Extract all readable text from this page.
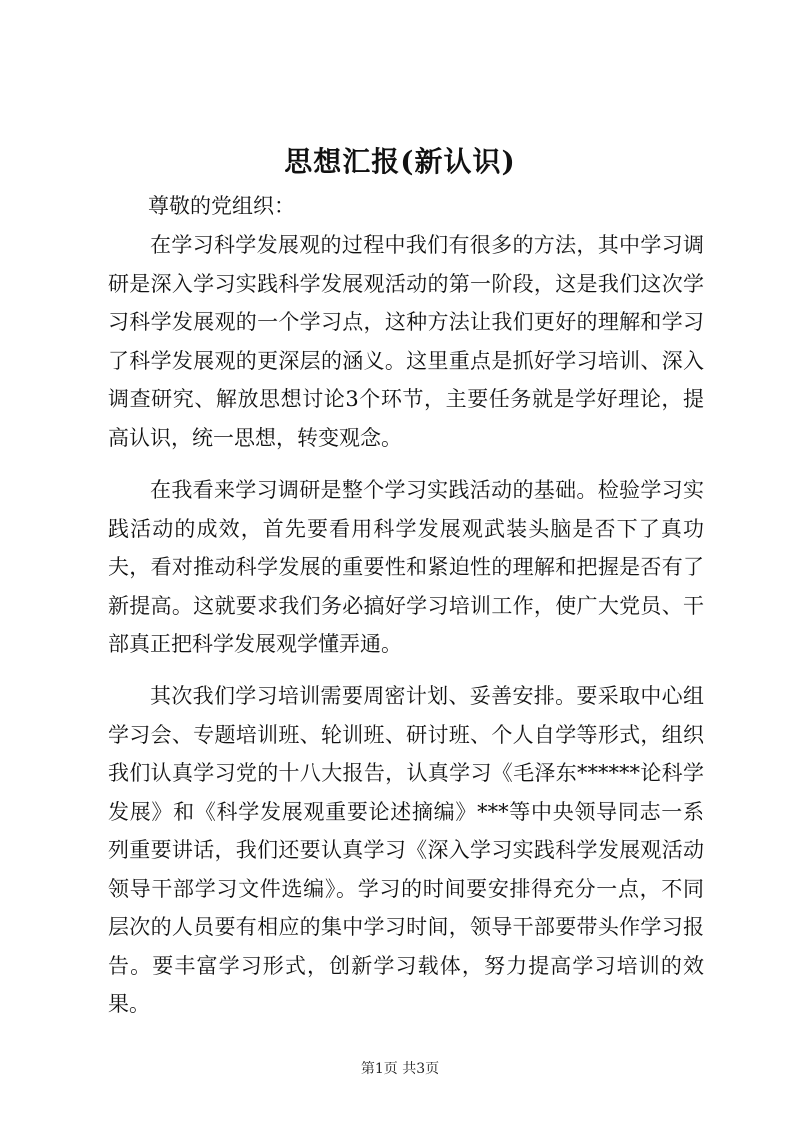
思想汇报(新认识)
尊敬的党组织：

在学习科学发展观的过程中我们有很多的方法，其中学习调研是深入学习实践科学发展观活动的第一阶段，这是我们这次学习科学发展观的一个学习点，这种方法让我们更好的理解和学习了科学发展观的更深层的涵义。这里重点是抓好学习培训、深入调查研究、解放思想讨论3个环节，主要任务就是学好理论，提高认识，统一思想，转变观念。

在我看来学习调研是整个学习实践活动的基础。检验学习实践活动的成效，首先要看用科学发展观武装头脑是否下了真功夫，看对推动科学发展的重要性和紧迫性的理解和把握是否有了新提高。这就要求我们务必搞好学习培训工作，使广大党员、干部真正把科学发展观学懂弄通。

其次我们学习培训需要周密计划、妥善安排。要采取中心组学习会、专题培训班、轮训班、研讨班、个人自学等形式，组织我们认真学习党的十八大报告，认真学习《毛泽东******论科学发展》和《科学发展观重要论述摘编》***等中央领导同志一系列重要讲话，我们还要认真学习《深入学习实践科学发展观活动领导干部学习文件选编》。学习的时间要安排得充分一点，不同层次的人员要有相应的集中学习时间，领导干部要带头作学习报告。要丰富学习形式，创新学习载体，努力提高学习培训的效果。

第1页 共3页
